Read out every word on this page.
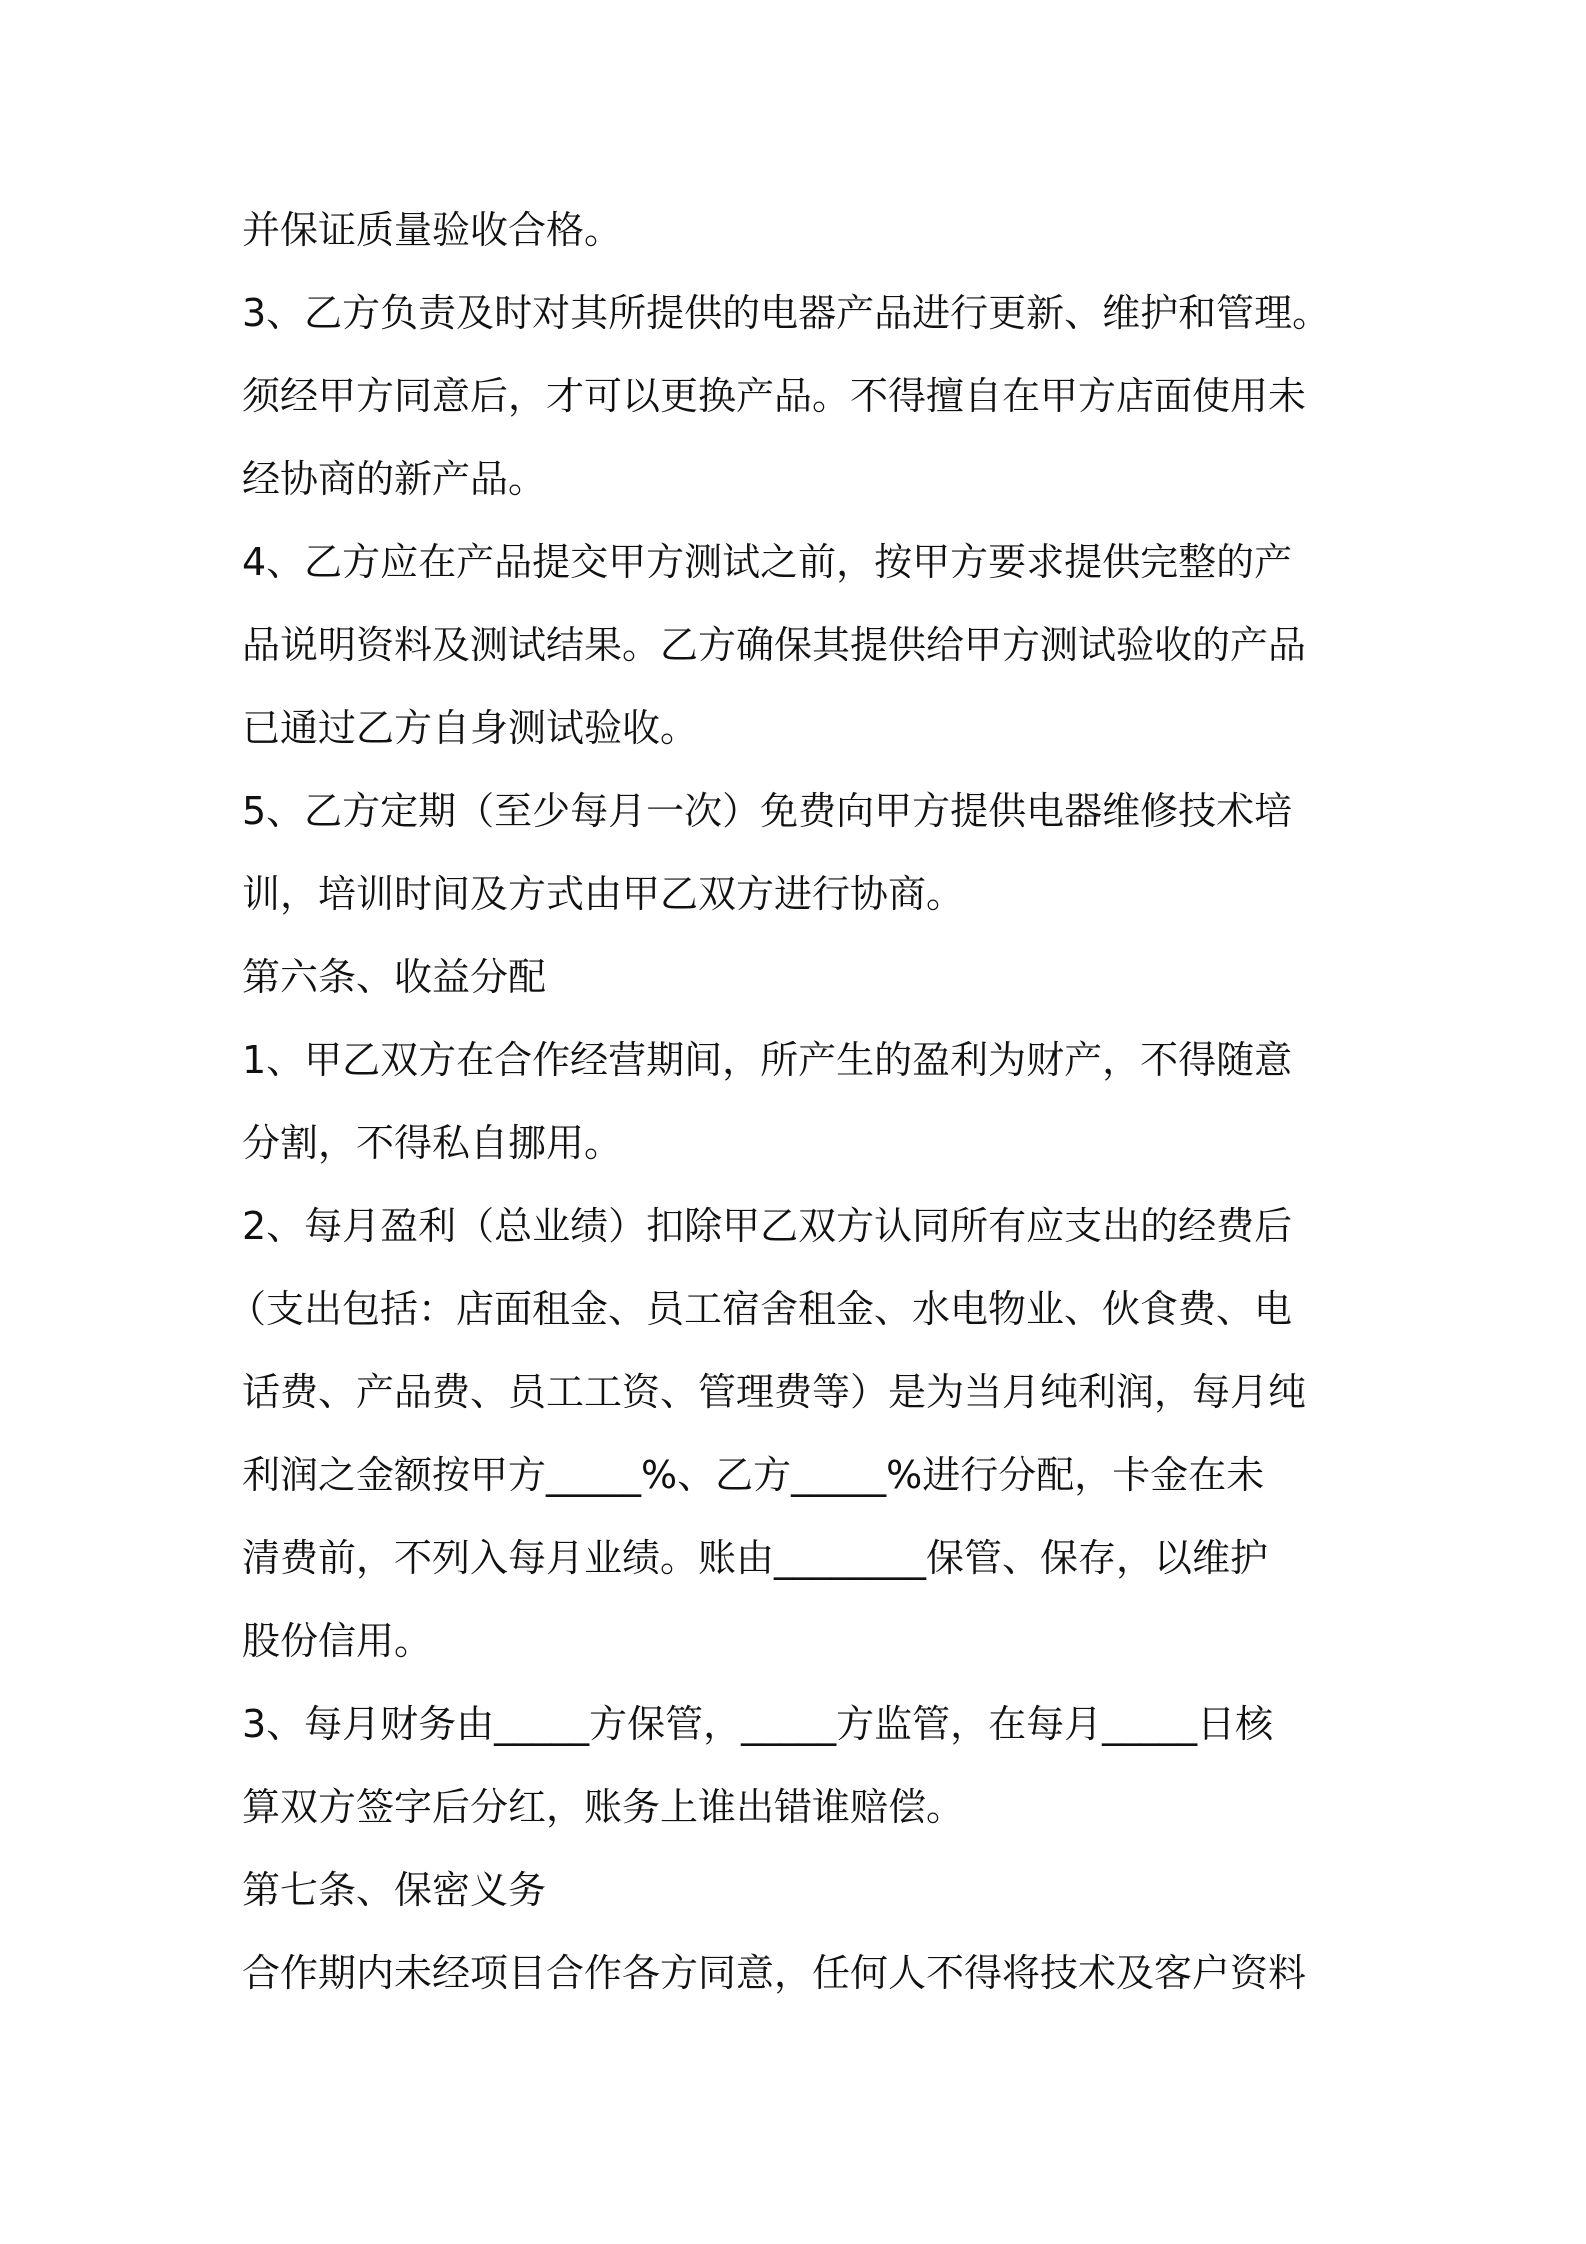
并保证质量验收合格。
3、乙方负责及时对其所提供的电器产品进行更新、维护和管理。
须经甲方同意后，才可以更换产品。不得擅自在甲方店面使用未
经协商的新产品。
4、乙方应在产品提交甲方测试之前，按甲方要求提供完整的产
品说明资料及测试结果。乙方确保其提供给甲方测试验收的产品
已通过乙方自身测试验收。
5、乙方定期（至少每月一次）免费向甲方提供电器维修技术培
训，培训时间及方式由甲乙双方进行协商。
第六条、收益分配
1、甲乙双方在合作经营期间，所产生的盈利为财产，不得随意
分割，不得私自挪用。
2、每月盈利（总业绩）扣除甲乙双方认同所有应支出的经费后
（支出包括：店面租金、员工宿舍租金、水电物业、伙食费、电
话费、产品费、员工工资、管理费等）是为当月纯利润，每月纯
利润之金额按甲方_____%、乙方_____%进行分配，卡金在未
清费前，不列入每月业绩。账由________保管、保存，以维护
股份信用。
3、每月财务由_____方保管，_____方监管，在每月_____日核
算双方签字后分红，账务上谁出错谁赔偿。
第七条、保密义务
合作期内未经项目合作各方同意，任何人不得将技术及客户资料
